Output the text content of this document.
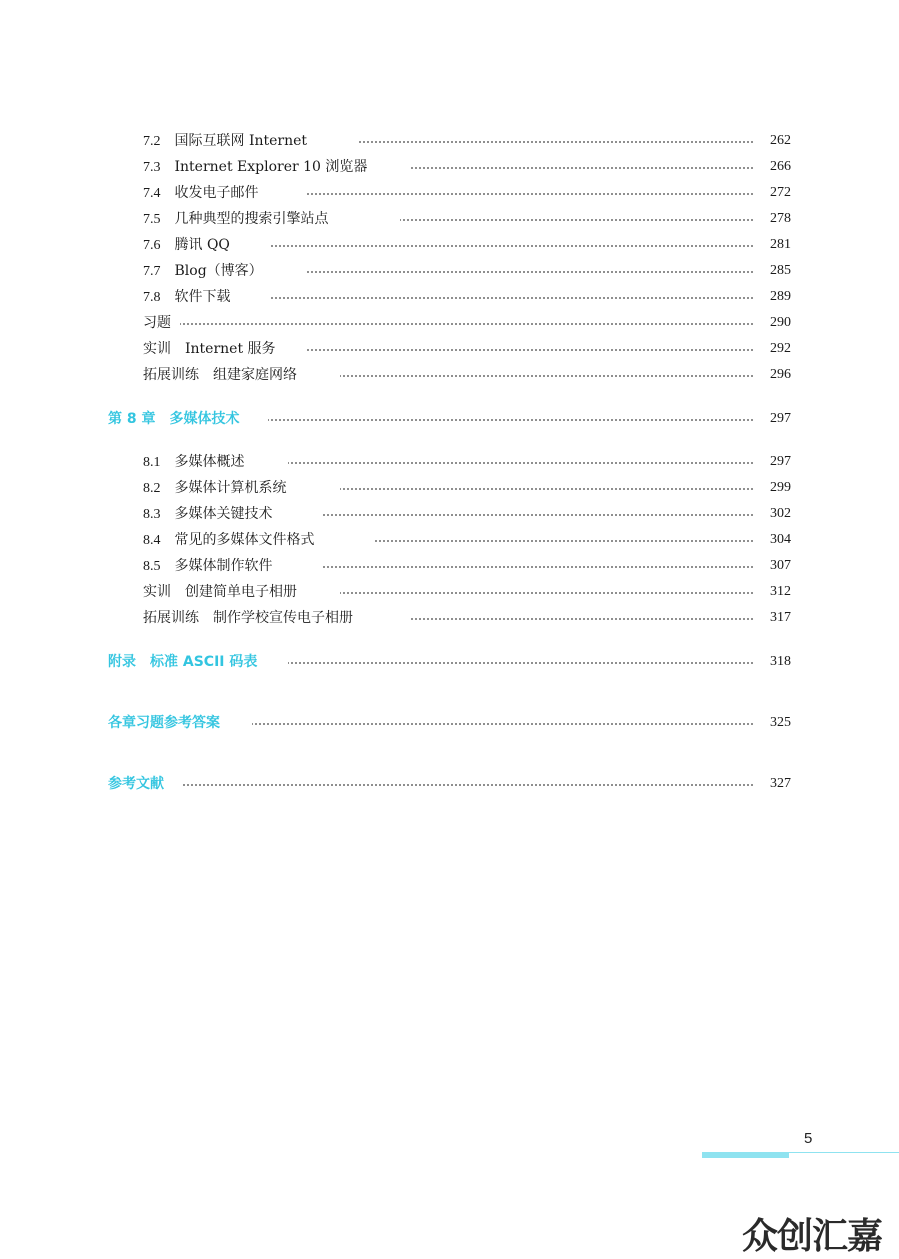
7.2 国际互联网 Internet	262
7.3 Internet Explorer 10 浏览器	266
7.4 收发电子邮件	272
7.5 几种典型的搜索引擎站点	278
7.6 腾讯 QQ	281
7.7 Blog（博客）	285
7.8 软件下载	289
习题	290
实训　Internet 服务	292
拓展训练　组建家庭网络	296
第 8 章　多媒体技术	297
8.1 多媒体概述	297
8.2 多媒体计算机系统	299
8.3 多媒体关键技术	302
8.4 常见的多媒体文件格式	304
8.5 多媒体制作软件	307
实训　创建简单电子相册	312
拓展训练　制作学校宣传电子相册	317
附录　标准 ASCII 码表	318
各章习题参考答案	325
参考文献	327
5
众创汇嘉
